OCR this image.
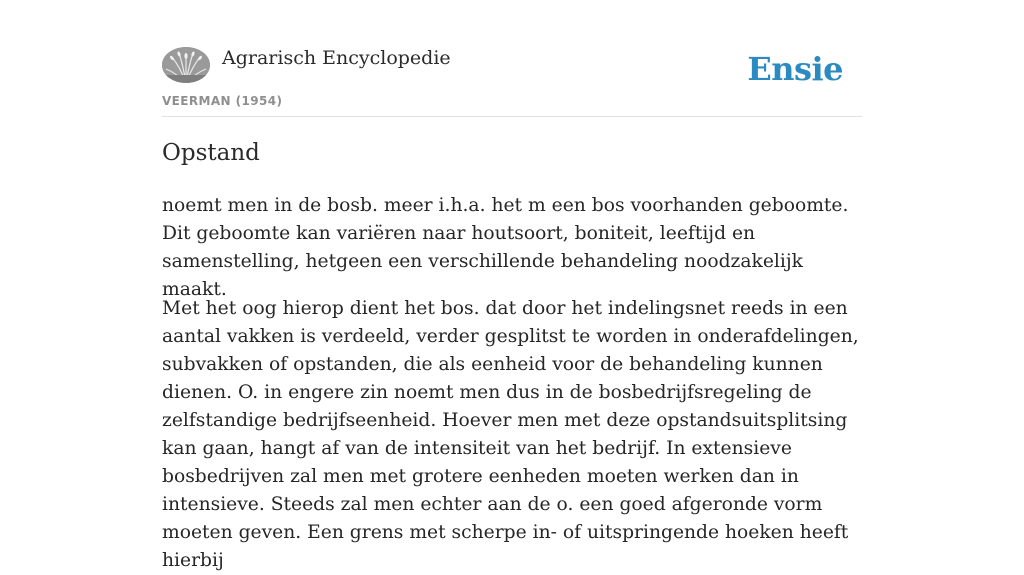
Agrarisch Encyclopedie
VEERMAN (1954)
Ensie
Opstand

noemt men in de bosb. meer i.h.a. het m een bos voorhanden geboomte. Dit geboomte kan variëren naar houtsoort, boniteit, leeftijd en samenstelling, hetgeen een verschillende behandeling noodzakelijk maakt.

Met het oog hierop dient het bos. dat door het indelingsnet reeds in een aantal vakken is verdeeld, verder gesplitst te worden in onderafdelingen, subvakken of opstanden, die als eenheid voor de behandeling kunnen dienen. O. in engere zin noemt men dus in de bosbedrijfsregeling de zelfstandige bedrijfseenheid. Hoever men met deze opstandsuitsplitsing kan gaan, hangt af van de intensiteit van het bedrijf. In extensieve bosbedrijven zal men met grotere eenheden moeten werken dan in intensieve. Steeds zal men echter aan de o. een goed afgeronde vorm moeten geven. Een grens met scherpe in- of uitspringende hoeken heeft hierbij
